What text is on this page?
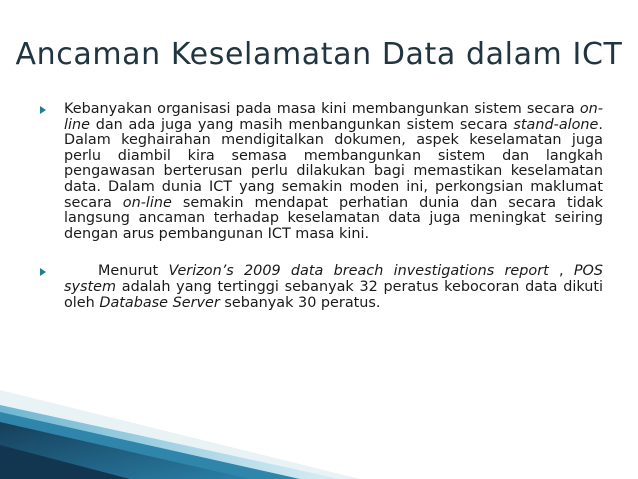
Ancaman Keselamatan Data dalam ICT
Kebanyakan organisasi pada masa kini membangunkan sistem secara on-line dan ada juga yang masih menbangunkan sistem secara stand-alone. Dalam keghairahan mendigitalkan dokumen, aspek keselamatan juga perlu diambil kira semasa membangunkan sistem dan langkah pengawasan berterusan perlu dilakukan bagi memastikan keselamatan data. Dalam dunia ICT yang semakin moden ini, perkongsian maklumat secara on-line semakin mendapat perhatian dunia dan secara tidak langsung ancaman terhadap keselamatan data juga meningkat seiring dengan arus pembangunan ICT masa kini.
Menurut Verizon’s 2009 data breach investigations report , POS system adalah yang tertinggi sebanyak 32 peratus kebocoran data dikuti oleh Database Server sebanyak 30 peratus.
